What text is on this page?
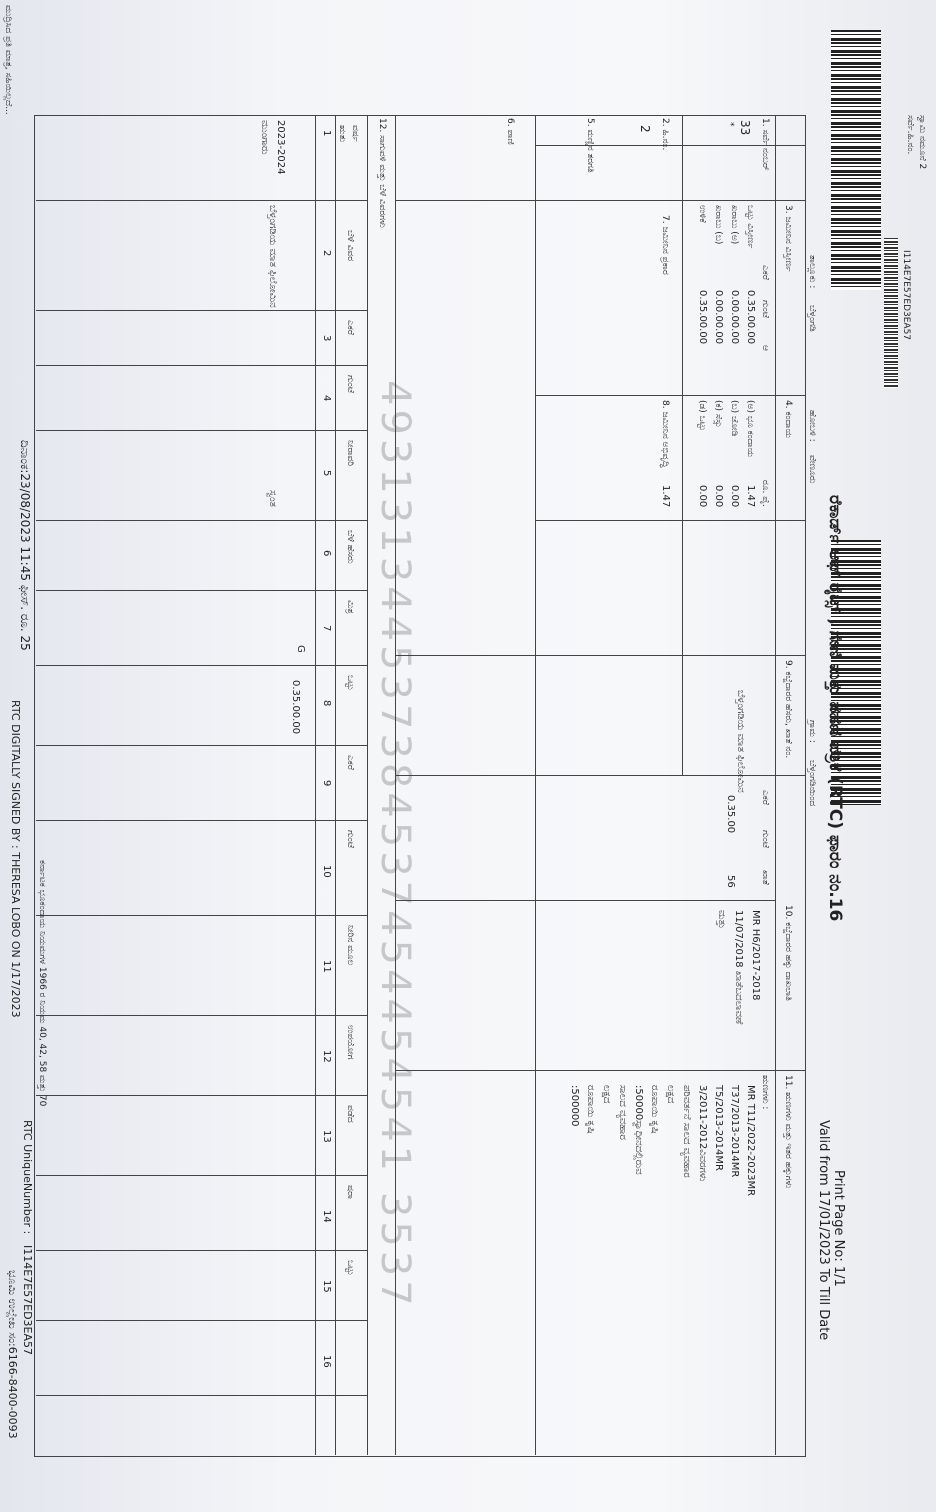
I114E7E57ED3EA57
ಸ್ವಾಮಿ ನಮೂನೆ 2
ಸರ್ವೆ.ಹಿ.ನಂ.
ರೆಕಾರ್ಡ್ ಆಫ್ ರೈಟ್ಸ್ , ಗೇಣಿ ಮತ್ತು ಪಹಣಿ ಪತ್ರಿಕೆ (RTC) ಫಾರಂ ನಂ.16
Print Page No: 1/1
Valid from 17/01/2023 To Till Date
ತಾಲ್ಲೂಕು :
ಬೆಳ್ತಂಗಡಿ
ಹೋಬಳಿ :
ವೇಣೂರು
ಗ್ರಾಮ :
ಬೆಳ್ತಂಗಡಿಯಿಂದ
1. ಸರ್ವೆ ನಂಬರ್
33
*
2. ಹಿ.ನಂ.
2
3. ಜಮೀನಿನ ವಿಸ್ತೀರ್ಣ
4. ಕಂದಾಯ
5. ಮಣ್ಣಿನ ತರಗತಿ
6. ಪಾಣಿ
7. ಜಮೀನಿನ ಪ್ರಕಾರ
8. ಜಮೀನಿನ ಅಭಿವೃದ್ಧಿ
9. ಕಬ್ಜೆದಾರರ ಹೆಸರು, ಖಾತೆ ನಂ.
10. ಕಬ್ಜೆದಾರರ ಹಕ್ಕು ದಾಖಲಾತಿ
11. ಋಣಗಳು ಮತ್ತು ಇತರ ಹಕ್ಕುಗಳು
12. ಸಾಗುವಳಿ ಮತ್ತು ಬೆಳೆ ವಿವರಗಳು
ಎಕರೆ
ಗುಂಟೆ
ಆ
ಒಟ್ಟು ವಿಸ್ತೀರ್ಣ
0.35.00.00
ಖರಾಬು (ಅ)
0.00.00.00
ಖರಾಬು (ಬ)
0.00.00.00
ಉಳಿಕೆ
0.35.00.00
ರೂ. ಪೈ.
(ಅ) ಭೂ ಕಂದಾಯ
1.47
(ಬ) ಜೋಡಿ
0.00
(ಕ) ಸೆಸ್ಸು
0.00
(ಡ) ಒಟ್ಟು
0.00
1.47
ಬೆಳ್ತಂಗಡಿಯ ಮಾತ ಫಿಲೋಮಿನ
ಎಕರೆ
ಗುಂಟೆ
ಖಾತೆ
0.35.00
56
MR H6/2017-2018
11/07/2018 ಖಾತೆಬದಲಾವಣೆ
ಮತ್ತು
ಋಣಗಳು :
MR T11/2022-2023MR
T37/2013-2014MR
T5/2013-2014MR
3/2011-2012ವಿವರಗಳು
ಪರಿವರ್ತನೆ ಸಾಲದ ವ್ಯವಹಾರ
ಲಕ್ಷದ
ರೂಪಾಯಿ ಕೃಷಿ
:50000ಸ್ವಾಧೀನದಲ್ಲಿರುವ
ಸಾಲದ ವ್ಯವಹಾರ
ಲಕ್ಷದ
ರೂಪಾಯಿ ಕೃಷಿ
:500000
ವರ್ಷ
ಋತು
ಬೆಳೆ ವಿವರ
ಎಕರೆ
ಗುಂಟೆ
ನೀರಾವರಿ
ಬೆಳೆ ಹೆಸರು
ಮಿಶ್ರ
ಒಟ್ಟು
ಎಕರೆ
ಗುಂಟೆ
ನೀರಿನ ಮೂಲ
ಉಪಯೋಗ
ಪಡೆದ
ಷರಾ
ಒಟ್ಟು
1
2
3
4
5
6
7
8
9
10
11
12
13
14
15
16
2023-2024
ಮುಂಗಾರು
ಬೆಳ್ತಂಗಡಿಯ ಮಾತ ಫಿಲೋಮಿನ
ಸ್ವಂತ
G
0.35.00.00 493131344537384537454454541 3537
ದಿನಾಂಕ:23/08/2023 11:45 ಫೀಸ್. ರೂ. 25
RTC DIGITALLY SIGNED BY : THERESA LOBO ON 1/17/2023 ಕರ್ನಾಟಕ ಭೂಕಂದಾಯ ನಿಯಮಗಳ 1966 ರ ನಿಯಮ 40, 42, 58 ಮತ್ತು 70
RTC UniqueNumber :
I114E7E57ED3EA57
ಭೂಮಿ ಉಲ್ಲೇಖ ಸಂ:6166-8400-0093
ಮುದ್ರಿಸಿದ ಪ್ರತಿ ಮಾತ್ರ, ಸಹಿಯಿಲ್ಲದೆ...
